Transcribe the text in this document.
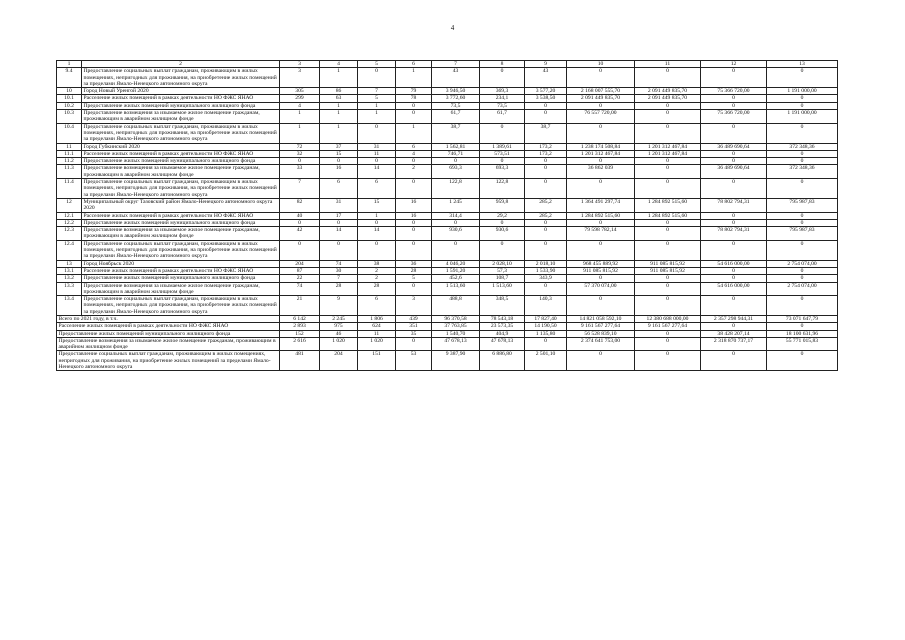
4
1	2	3	4	5	6	7	8	9	10	11	12	13
9.4	Предоставление социальных выплат гражданам, проживающим в жилых помещениях, непригодных для проживания, на приобретение жилых помещений за пределами Ямало-Ненецкого автономного округа	3	1	0	1	43	0	43	0	0	0	0
10	Город Новый Уренгой 2020	305	86	7	79	3 946,50	369,3	3 577,20	2 168 007 555,70	2 091 449 835,70	75 366 720,00	1 191 000,00
10.1	Расселение жилых помещений в рамках деятельности НО ФЖС ЯНАО	299	63	5	78	3 772,60	234,1	3 538,50	2 091 449 835,70	2 091 449 835,70	0	0
10.2	Предоставление жилых помещений муниципального жилищного фонда	4	1	1	0	73,5	73,5	0	0	0	0	0
10.3	Предоставление возмещения за изымаемое жилое помещение гражданам, проживающим в аварийном жилищном фонде	1	1	1	0	61,7	61,7	0	76 557 720,00	0	75 366 720,00	1 191 000,00
10.4	Предоставление социальных выплат гражданам, проживающим в жилых помещениях, непригодных для проживания, на приобретение жилых помещений за пределами Ямало-Ненецкого автономного округа	1	1	0	1	38,7	0	38,7	0	0	0	0
11	Город Губкинский 2020	72	37	31	6	1 562,81	1 389,61	173,2	1 238 174 508,84	1 201 312 467,84	36 489 690,64	372 348,36
11.1	Расселение жилых помещений в рамках деятельности НО ФЖС ЯНАО	32	15	11	4	746,71	573,51	173,2	1 201 312 467,84	1 201 312 467,84	0	0
11.2	Предоставление жилых помещений муниципального жилищного фонда	0	0	0	0	0	0	0	0	0	0	0
11.3	Предоставление возмещения за изымаемое жилое помещение гражданам, проживающим в аварийном жилищном фонде	33	16	14	2	693,3	693,3	0	36 862 039	0	36 489 690,64	372 348,36
11.4	Предоставление социальных выплат гражданам, проживающим в жилых помещениях, непригодных для проживания, на приобретение жилых помещений за пределами Ямало-Ненецкого автономного округа	7	6	6	0	122,8	122,8	0	0	0	0	0
12	Муниципальный округ Тазовский район Ямало-Ненецкого автономного округа 2020	82	31	15	16	1 245	959,8	285,2	1 364 491 297,74	1 284 892 515,60	78 802 794,31	795 987,83
12.1	Расселение жилых помещений в рамках деятельности НО ФЖС ЯНАО	40	17	1	16	314,4	29,2	285,2	1 284 892 515,60	1 284 892 515,60	0	0
12.2	Предоставление жилых помещений муниципального жилищного фонда	0	0	0	0	0	0	0	0	0	0	0
12.3	Предоставление возмещения за изымаемое жилое помещение гражданам, проживающим в аварийном жилищном фонде	42	14	14	0	930,6	930,6	0	79 598 782,14	0	78 802 794,31	795 987,83
12.4	Предоставление социальных выплат гражданам, проживающим в жилых помещениях, непригодных для проживания, на приобретение жилых помещений за пределами Ямало-Ненецкого автономного округа	0	0	0	0	0	0	0	0	0	0	0
13	Город Ноябрьск 2020	204	74	38	36	4 046,20	2 028,10	2 018,10	968 455 889,92	911 085 815,92	54 616 000,00	2 754 074,00
13.1	Расселение жилых помещений в рамках деятельности НО ФЖС ЯНАО	87	30	2	28	1 591,20	57,3	1 533,90	911 085 815,92	911 085 815,92	0	0
13.2	Предоставление жилых помещений муниципального жилищного фонда	22	7	2	5	452,6	108,7	343,9	0	0	0	0
13.3	Предоставление возмещения за изымаемое жилое помещение гражданам, проживающим в аварийном жилищном фонде	74	28	28	0	1 513,60	1 513,60	0	57 370 074,00	0	54 616 000,00	2 754 074,00
13.4	Предоставление социальных выплат гражданам, проживающим в жилых помещениях, непригодных для проживания, на приобретение жилых помещений за пределами Ямало-Ненецкого автономного округа	21	9	6	3	488,8	348,5	140,3	0	0	0	0
Всего по 2021 году, в т.ч.		6 142	2 245	1 806	439	96 370,58	78 543,18	17 827,40	14 821 058 592,10	12 380 688 000,00	2 357 298 944,31	73 071 647,79
Расселение жилых помещений в рамках деятельности НО ФЖС ЯНАО		2 893	975	624	351	37 763,85	23 573,35	14 190,50	9 161 567 277,64	9 161 567 277,64	0	0
Предоставление жилых помещений муниципального жилищного фонда		152	46	11	35	1 540,70	404,9	1 135,80	56 528 839,10	0	38 428 207,14	18 100 631,96
Предоставление возмещения за изымаемое жилое помещение гражданам, проживающим в аварийном жилищном фонде		2 616	1 020	1 020	0	47 678,13	47 678,13	0	2 374 641 753,00	0	2 318 870 737,17	55 771 015,83
Предоставление социальных выплат гражданам, проживающим в жилых помещениях, непригодных для проживания, на приобретение жилых помещений за пределами Ямало-Ненецкого автономного округа		481	204	151	53	9 387,90	6 886,80	2 501,10	0	0	0	0
